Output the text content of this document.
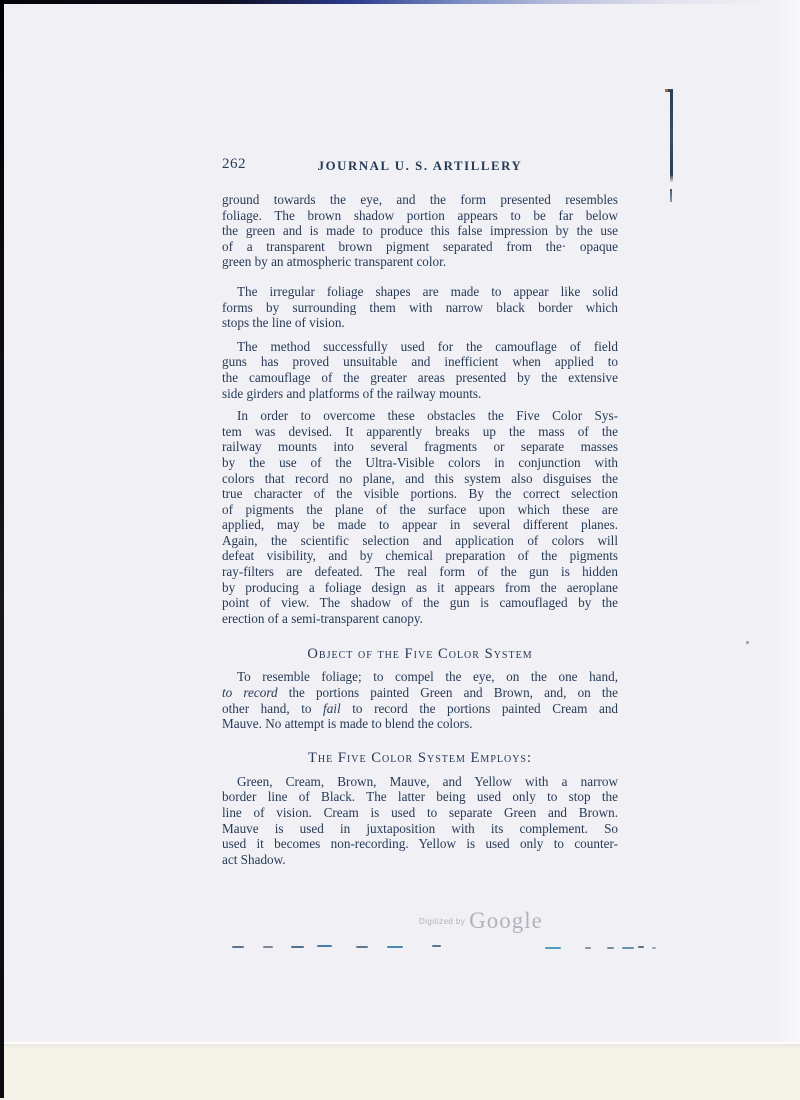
262	JOURNAL U. S. ARTILLERY
ground towards the eye, and the form presented resembles
foliage. The brown shadow portion appears to be far below
the green and is made to produce this false impression by the use
of a transparent brown pigment separated from the· opaque
green by an atmospheric transparent color.
The irregular foliage shapes are made to appear like solid
forms by surrounding them with narrow black border which
stops the line of vision.
The method successfully used for the camouflage of field
guns has proved unsuitable and inefficient when applied to
the camouflage of the greater areas presented by the extensive
side girders and platforms of the railway mounts.
In order to overcome these obstacles the Five Color Sys-
tem was devised. It apparently breaks up the mass of the
railway mounts into several fragments or separate masses
by the use of the Ultra-Visible colors in conjunction with
colors that record no plane, and this system also disguises the
true character of the visible portions. By the correct selection
of pigments the plane of the surface upon which these are
applied, may be made to appear in several different planes.
Again, the scientific selection and application of colors will
defeat visibility, and by chemical preparation of the pigments
ray-filters are defeated. The real form of the gun is hidden
by producing a foliage design as it appears from the aeroplane
point of view. The shadow of the gun is camouflaged by the
erection of a semi-transparent canopy.
Object of the Five Color System
To resemble foliage; to compel the eye, on the one hand,
to record the portions painted Green and Brown, and, on the
other hand, to fail to record the portions painted Cream and
Mauve. No attempt is made to blend the colors.
The Five Color System Employs:
Green, Cream, Brown, Mauve, and Yellow with a narrow
border line of Black. The latter being used only to stop the
line of vision. Cream is used to separate Green and Brown.
Mauve is used in juxtaposition with its complement. So
used it becomes non-recording. Yellow is used only to counter-
act Shadow.
$^{Digitized by}$ Google
